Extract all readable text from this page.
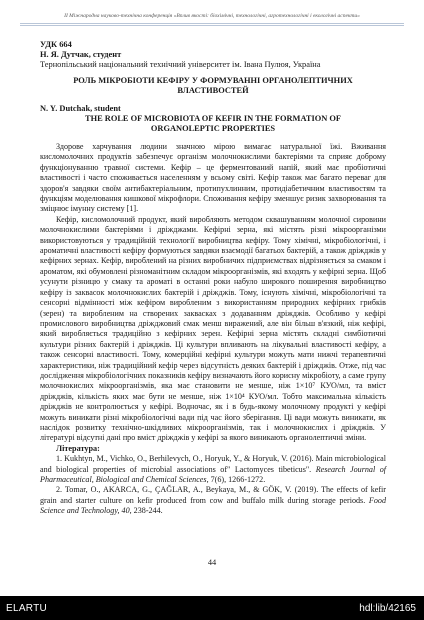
II Міжнародна науково-технічна конференція «Вплив якості: біохімічні, технологічні, агротехнологічні і екологічні аспекти»
УДК 664
Н. Я. Дутчак, студент
Тернопільський національний технічний університет ім. Івана Пулюя, Україна
РОЛЬ МІКРОБІОТИ КЕФІРУ У ФОРМУВАННІ ОРГАНОЛЕПТИЧНИХ ВЛАСТИВОСТЕЙ
N. Y. Dutchak, student
THE ROLE OF MICROBIOTA OF KEFIR IN THE FORMATION OF ORGANOLEPTIC PROPERTIES

Здорове харчування людини значною мірою вимагає натуральної їжі. Вживання кисломолочних продуктів забезпечує організм молочнокислими бактеріями та сприяє доброму функціонуванню травної системи. Кефір – це ферментований напій, який має пробіотичні властивості і часто споживається населенням у всьому світі. Кефір також має багато переваг для здоров'я завдяки своїм антибактеріальним, протипухлинним, протидіабетичним властивостям та функціям моделювання кишкової мікрофлори. Споживання кефіру зменшує ризик захворювання та зміцнює імунну систему [1].

Кефір, кисломолочний продукт, який виробляють методом сквашуванням молочної сировини молочнокислими бактеріями і дріжджами. Кефірні зерна, які містять різні мікроорганізми використовуються у традиційній технології виробництва кефіру. Тому хімічні, мікробіологічні, і ароматичні властивості кефіру формуються завдяки взаємодії багатьох бактерій, а також дріжджів у кефірних зернах. Кефір, вироблений на різних виробничих підприємствах відрізняється за смаком і ароматом, які обумовлені різноманітним складом мікроорганізмів, які входять у кефірні зерна. Щоб усунути різницю у смаку та ароматі в останні роки набуло широкого поширення виробництво кефіру із заквасок молочнокислих бактерій і дріжджів. Тому, існують хімічні, мікробіологічні та сенсорні відмінності між кефіром виробленим з використанням природних кефірних грибків (зерен) та виробленим на створених заквасках з додаванням дріжджів. Особливо у кефірі промислового виробництва дріжджовий смак менш виражений, але він більш в'язкий, ніж кефірі, який виробляється традиційно з кефірних зерен. Кефірні зерна містять складні симбіотичні культури різних бактерій і дріжджів. Ці культури впливають на лікувальні властивості кефіру, а також сенсорні властивості. Тому, комерційні кефірні культури можуть мати нижчі терапевтичні характеристики, ніж традиційний кефір через відсутність деяких бактерій і дріжджів. Отже, під час дослідження мікробіологічних показників кефіру визначають його корисну мікробіоту, а саме групу молочнокислих мікроорганізмів, яка має становити не менше, ніж 1×10⁷ КУО/мл, та вміст дріжджів, кількість яких має бути не менше, ніж 1×10⁴ КУО/мл. Тобто максимальна кількість дріжджів не контролюється у кефірі. Водночас, як і в будь-якому молочному продукті у кефірі можуть виникати різні мікробіологічні вади під час його зберігання. Ці вади можуть виникати, як наслідок розвитку технічно-шкідливих мікроорганізмів, так і молочнокислих і дріжджів. У літературі відсутні дані про вміст дріжджів у кефірі за якого виникають органолептичні зміни.

Література:
1. Kukhtyn, M., Vichko, O., Berhilevych, O., Horyuk, Y., & Horyuk, V. (2016). Main microbiological and biological properties of microbial associations of" Lactomyces tibeticus". Research Journal of Pharmaceutical, Biological and Chemical Sciences, 7(6), 1266-1272.
2. Tomar, O., AKARCA, G., ÇAĞLAR, A., Beykaya, M., & GÖK, V. (2019). The effects of kefir grain and starter culture on kefir produced from cow and buffalo milk during storage periods. Food Science and Technology, 40, 238-244.
44
ELARTU	hdl:lib/42165
